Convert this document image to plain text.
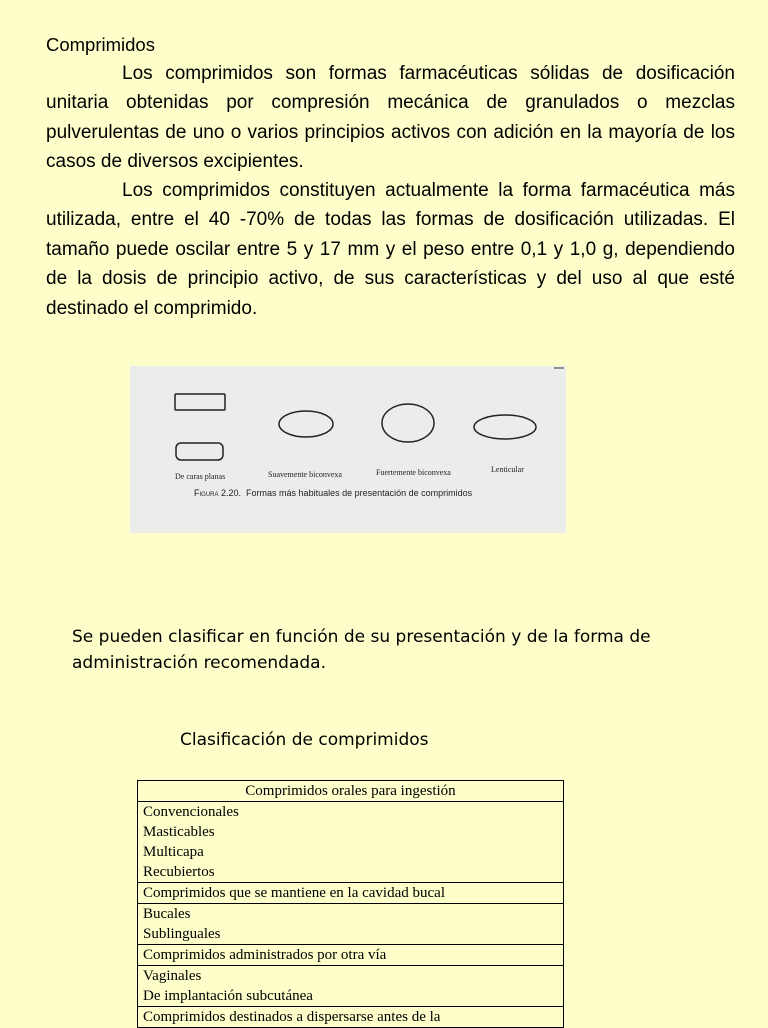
Comprimidos

Los comprimidos son formas farmacéuticas sólidas de dosificación unitaria obtenidas por compresión mecánica de granulados o mezclas pulverulentas de uno o varios principios activos con adición en la mayoría de los casos de diversos excipientes.

Los comprimidos constituyen actualmente la forma farmacéutica más utilizada, entre el 40 -70% de todas las formas de dosificación utilizadas. El tamaño puede oscilar entre 5 y 17 mm y el peso entre 0,1 y 1,0 g, dependiendo de la dosis de principio activo, de sus características y del uso al que esté destinado el comprimido.

De caras planas	Suavemente biconvexa	Fuertemente biconvexa	Lenticular
Figura 2.20. Formas más habituales de presentación de comprimidos
Se pueden clasificar en función de su presentación y de la forma de administración recomendada.
Clasificación de comprimidos
Comprimidos orales para ingestión

Convencionales
Masticables
Multicapa
Recubiertos

Comprimidos que se mantiene en la cavidad bucal

Bucales
Sublinguales

Comprimidos administrados por otra vía

Vaginales
De implantación subcutánea

Comprimidos destinados a dispersarse antes de la
